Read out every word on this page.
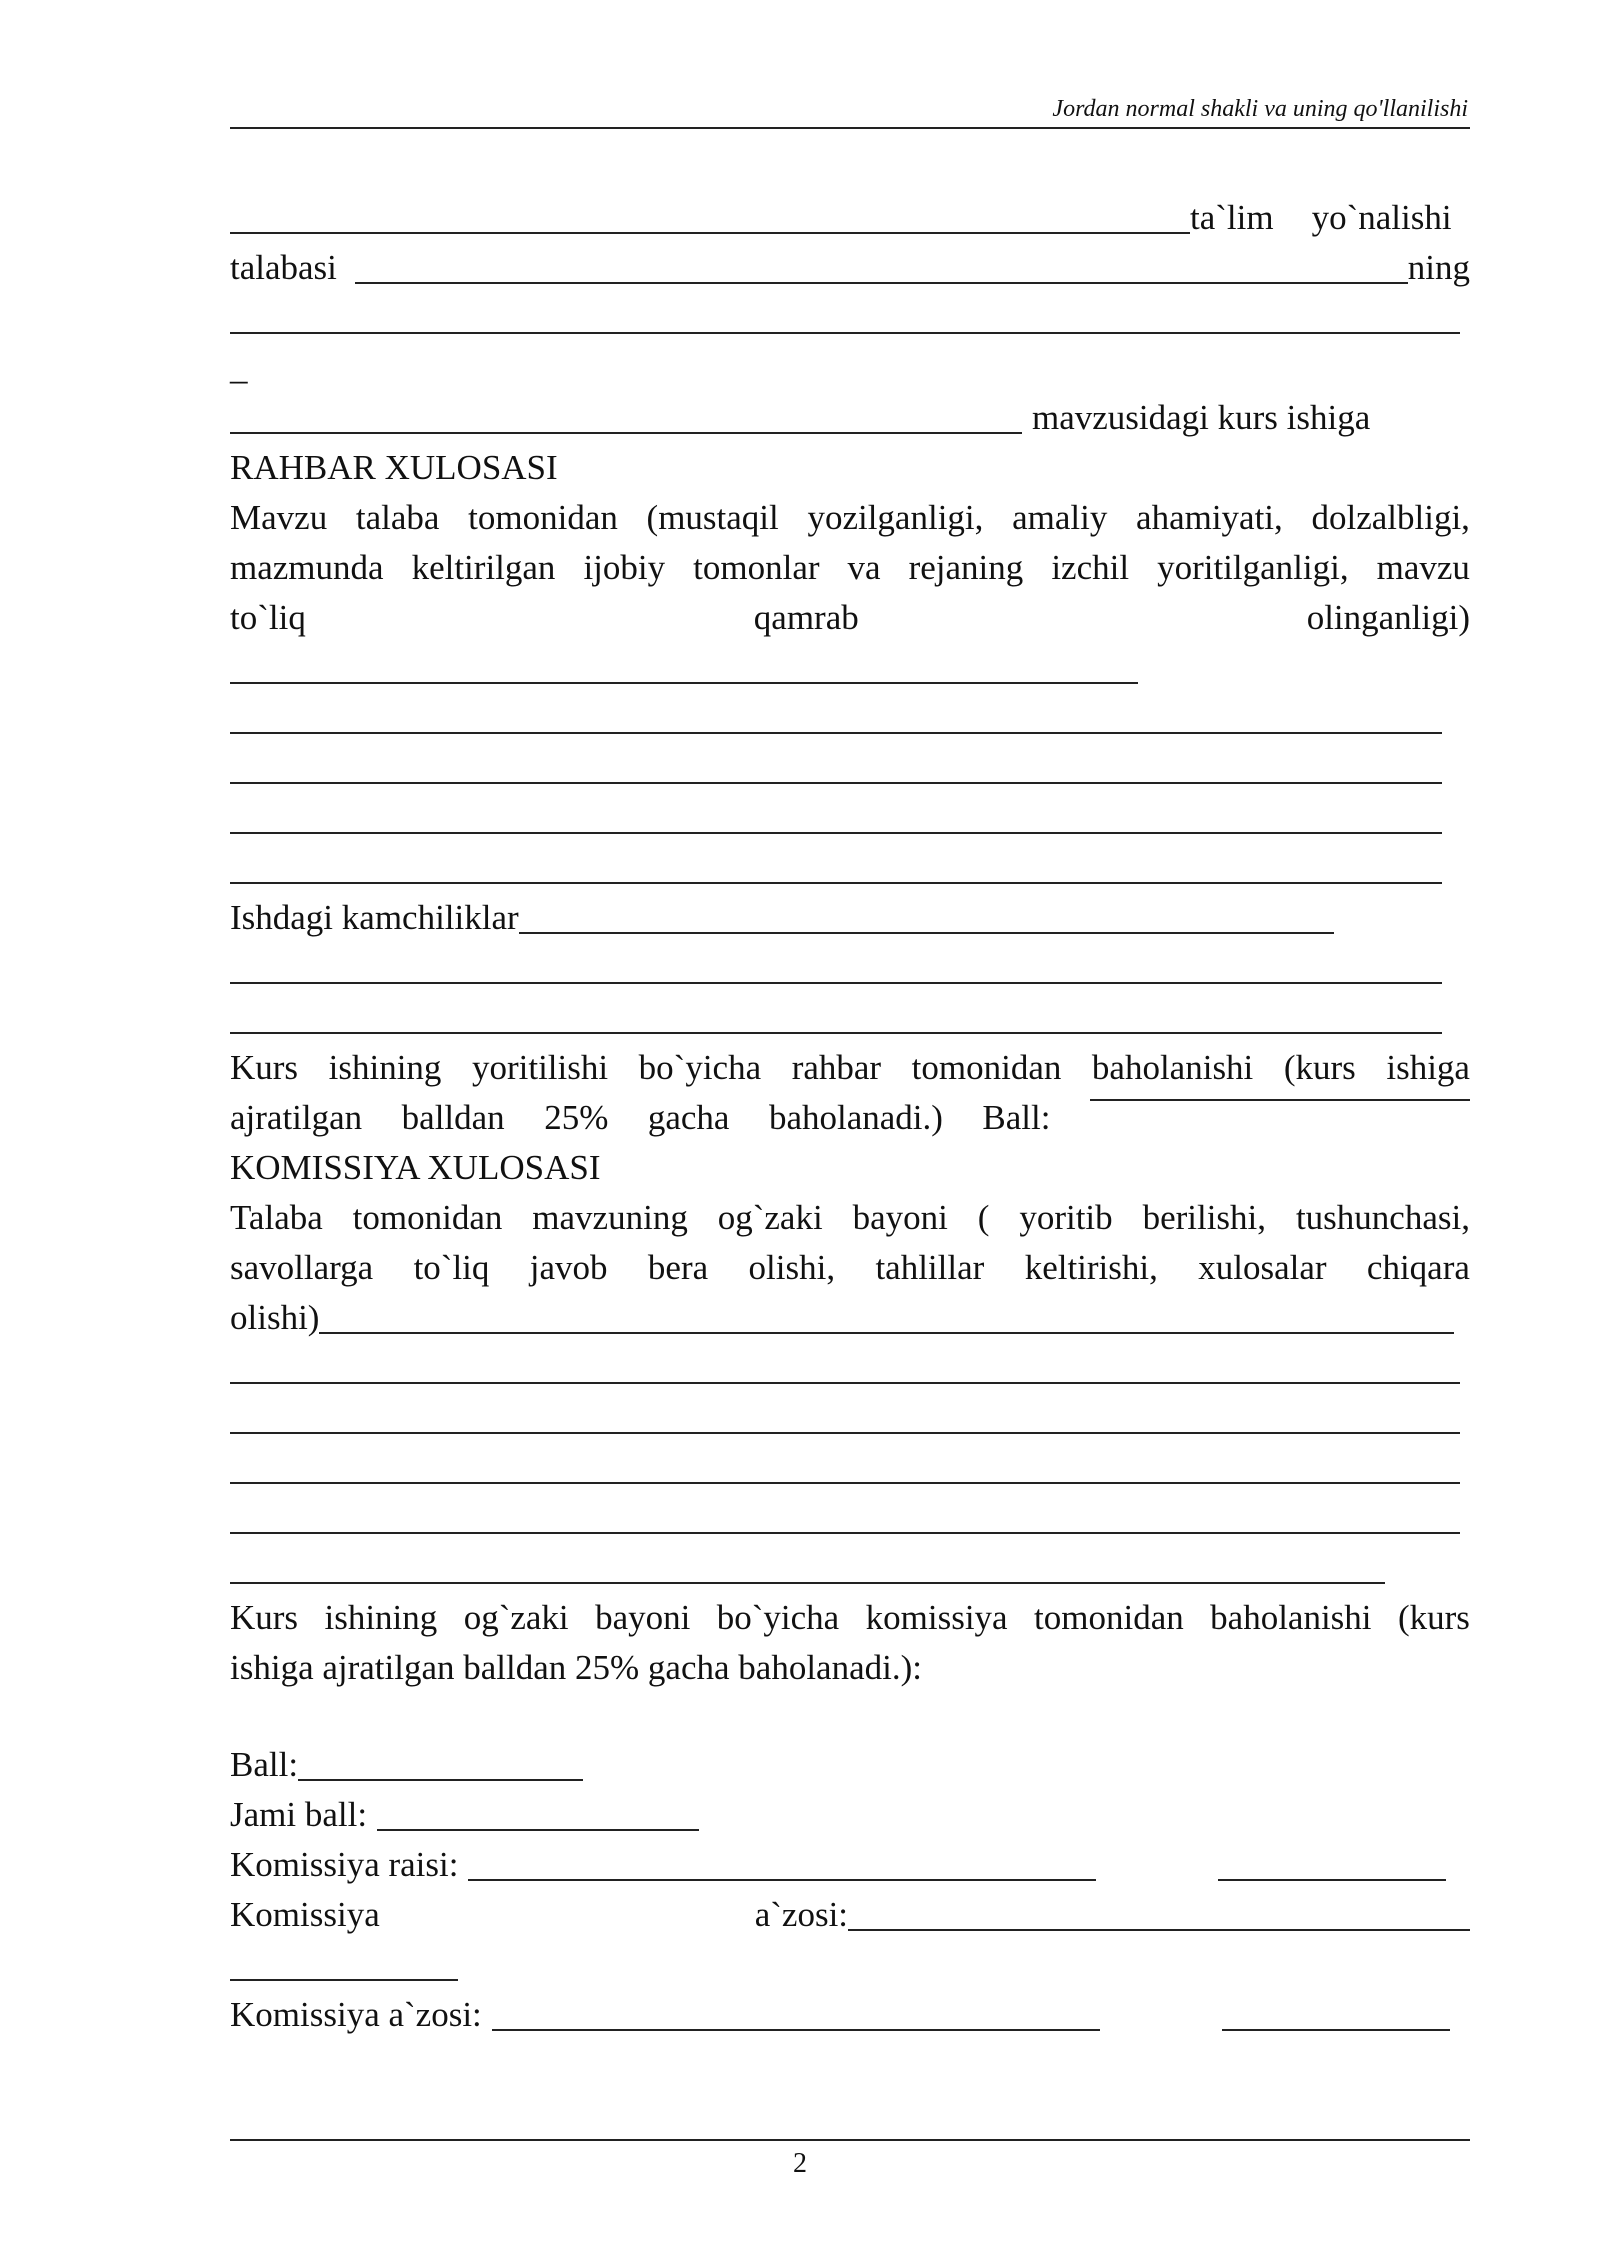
Jordan normal shakli va uning qo'llanilishi
ta`lim yo`nalishi
talabasi	ning
_
mavzusidagi kurs ishiga
RAHBAR XULOSASI
Mavzu talaba tomonidan (mustaqil yozilganligi, amaliy ahamiyati, dolzalbligi,
mazmunda keltirilgan ijobiy tomonlar va rejaning izchil yoritilganligi, mavzu
to`liq	qamrab	olinganligi)
Ishdagi kamchiliklar
Kurs ishining yoritilishi bo`yicha rahbar tomonidan baholanishi (kurs ishiga
ajratilgan balldan 25% gacha baholanadi.) Ball:
KOMISSIYA XULOSASI
Talaba tomonidan mavzuning og`zaki bayoni ( yoritib berilishi, tushunchasi,
savollarga to`liq javob bera olishi, tahlillar keltirishi, xulosalar chiqara
olishi)
Kurs ishining og`zaki bayoni bo`yicha komissiya tomonidan baholanishi (kurs
ishiga ajratilgan balldan 25% gacha baholanadi.):
Ball:
Jami ball:
Komissiya raisi:
Komissiya	a`zosi:
Komissiya a`zosi:
2
